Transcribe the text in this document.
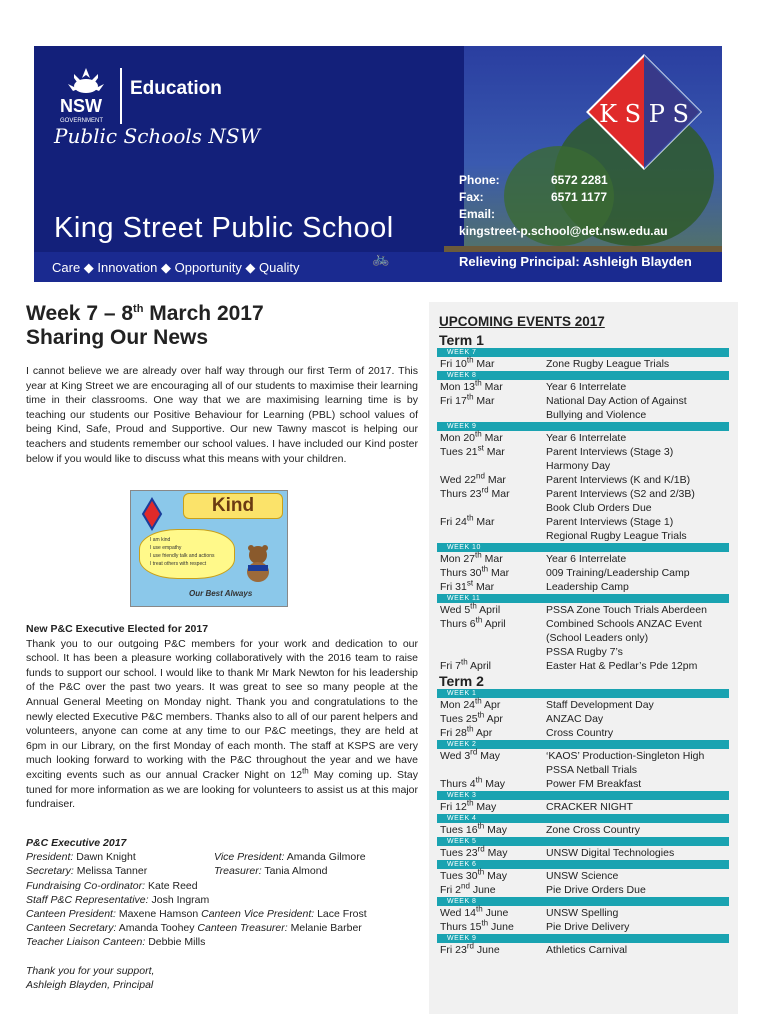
NSW
GOVERNMENT
Education
Public Schools NSW
K S P S
King Street Public School
Care ◆ Innovation ◆ Opportunity ◆ Quality
🚲
Phone:	6572 2281
Fax:	6571 1177
Email:
kingstreet-p.school@det.nsw.edu.au
Relieving Principal: Ashleigh Blayden
Week 7 – 8th March 2017
Sharing Our News

I cannot believe we are already over half way through our first Term of 2017. This year at King Street we are encouraging all of our students to maximise their learning time in their classrooms. One way that we are maximising learning time is by teaching our students our Positive Behaviour for Learning (PBL) school values of being Kind, Safe, Proud and Supportive. Our new Tawny mascot is helping our teachers and students remember our school values. I have included our Kind poster below if you would like to discuss what this means with your children.

Kind
I am kind
I use empathy
I use friendly talk and actions
I treat others with respect
Our Best Always
New P&C Executive Elected for 2017

Thank you to our outgoing P&C members for your work and dedication to our school. It has been a pleasure working collaboratively with the 2016 team to raise funds to support our school. I would like to thank Mr Mark Newton for his leadership of the P&C over the past two years. It was great to see so many people at the Annual General Meeting on Monday night. Thank you and congratulations to the newly elected Executive P&C members. Thanks also to all of our parent helpers and volunteers, anyone can come at any time to our P&C meetings, they are held at 6pm in our Library, on the first Monday of each month. The staff at KSPS are very much looking forward to working with the P&C throughout the year and we have exciting events such as our annual Cracker Night on 12th May coming up. Stay tuned for more information as we are looking for volunteers to assist us at this major fundraiser.

P&C Executive 2017
President: Dawn Knight	Vice President: Amanda Gilmore
Secretary: Melissa Tanner	Treasurer: Tania Almond
Fundraising Co-ordinator: Kate Reed
Staff P&C Representative: Josh Ingram
Canteen President: Maxene Hamson Canteen Vice President: Lace Frost
Canteen Secretary: Amanda Toohey Canteen Treasurer: Melanie Barber
Teacher Liaison Canteen: Debbie Mills
Thank you for your support,
Ashleigh Blayden, Principal
UPCOMING EVENTS 2017
Term 1
WEEK 7
Fri 10th Mar	Zone Rugby League Trials
WEEK 8
Mon 13th Mar	Year 6 Interrelate
Fri 17th Mar	National Day Action of Against
Bullying and Violence
WEEK 9
Mon 20th Mar	Year 6 Interrelate
Tues 21st Mar	Parent Interviews (Stage 3)
Harmony Day
Wed 22nd Mar	Parent Interviews (K and K/1B)
Thurs 23rd Mar	Parent Interviews (S2 and 2/3B)
Book Club Orders Due
Fri 24th Mar	Parent Interviews (Stage 1)
Regional Rugby League Trials
WEEK 10
Mon 27th Mar	Year 6 Interrelate
Thurs 30th Mar	009 Training/Leadership Camp
Fri 31st Mar	Leadership Camp
WEEK 11
Wed 5th April	PSSA Zone Touch Trials Aberdeen
Thurs 6th April	Combined Schools ANZAC Event
(School Leaders only)
PSSA Rugby 7’s
Fri 7th April	Easter Hat & Pedlar’s Pde 12pm
Term 2
WEEK 1
Mon 24th Apr	Staff Development Day
Tues 25th Apr	ANZAC Day
Fri 28th Apr	Cross Country
WEEK 2
Wed 3rd May	‘KAOS’ Production-Singleton High
PSSA Netball Trials
Thurs 4th May	Power FM Breakfast
WEEK 3
Fri 12th May	CRACKER NIGHT
WEEK 4
Tues 16th May	Zone Cross Country
WEEK 5
Tues 23rd May	UNSW Digital Technologies
WEEK 6
Tues 30th May	UNSW Science
Fri 2nd June	Pie Drive Orders Due
WEEK 8
Wed 14th June	UNSW Spelling
Thurs 15th June	Pie Drive Delivery
WEEK 9
Fri 23rd June	Athletics Carnival
